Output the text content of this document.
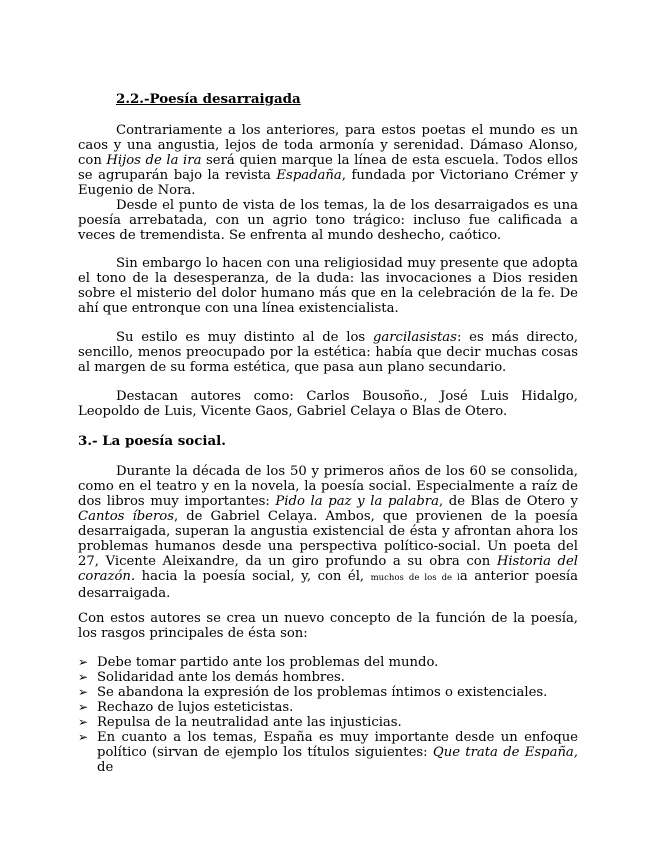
2.2.-Poesía desarraigada

Contrariamente a los anteriores, para estos poetas el mundo es un caos y una angustia, lejos de toda armonía y serenidad. Dámaso Alonso, con Hijos de la ira será quien marque la línea de esta escuela. Todos ellos se agruparán bajo la revista Espadaña, fundada por Victoriano Crémer y Eugenio de Nora.

Desde el punto de vista de los temas, la de los desarraigados es una poesía arrebatada, con un agrio tono trágico: incluso fue calificada a veces de tremendista. Se enfrenta al mundo deshecho, caótico.

Sin embargo lo hacen con una religiosidad muy presente que adopta el tono de la desesperanza, de la duda: las invocaciones a Dios residen sobre el misterio del dolor humano más que en la celebración de la fe. De ahí que entronque con una línea existencialista.

Su estilo es muy distinto al de los garcilasistas: es más directo, sencillo, menos preocupado por la estética: había que decir muchas cosas al margen de su forma estética, que pasa aun plano secundario.

Destacan autores como: Carlos Bousoño., José Luis Hidalgo, Leopoldo de Luis, Vicente Gaos, Gabriel Celaya o Blas de Otero.

3.- La poesía social.

Durante la década de los 50 y primeros años de los 60 se consolida, como en el teatro y en la novela, la poesía social. Especialmente a raíz de dos libros muy importantes: Pido la paz y la palabra, de Blas de Otero y Cantos íberos, de Gabriel Celaya. Ambos, que provienen de la poesía desarraigada, superan la angustia existencial de ésta y afrontan ahora los problemas humanos desde una perspectiva político-social. Un poeta del 27, Vicente Aleixandre, da un giro profundo a su obra con Historia del corazón. hacia la poesía social, y, con él, muchos de los de la anterior poesía desarraigada.

Con estos autores se crea un nuevo concepto de la función de la poesía, los rasgos principales de ésta son:

➢ Debe tomar partido ante los problemas del mundo.
➢ Solidaridad ante los demás hombres.
➢ Se abandona la expresión de los problemas íntimos o existenciales.
➢ Rechazo de lujos esteticistas.
➢ Repulsa de la neutralidad ante las injusticias.
➢ En cuanto a los temas, España es muy importante desde un enfoque político (sirvan de ejemplo los títulos siguientes: Que trata de España, de
